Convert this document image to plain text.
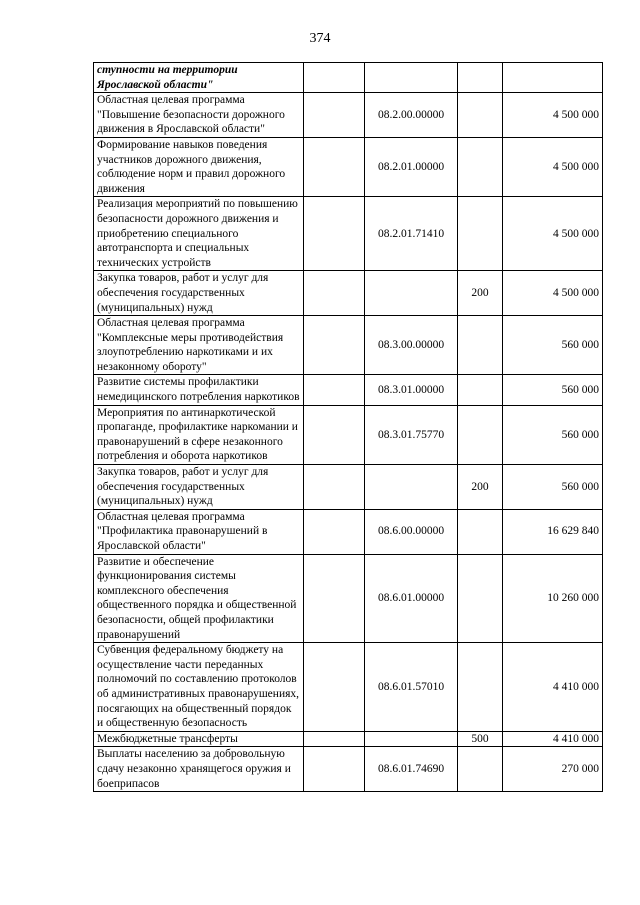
374
ступности на территории Ярославской области"				
Областная целевая программа "Повышение безопасности дорожного движения в Ярославской области"		08.2.00.00000		4 500 000
Формирование навыков поведения участников дорожного движения, соблюдение норм и правил дорожного движения		08.2.01.00000		4 500 000
Реализация мероприятий по повышению безопасности дорожного движения и приобретению специального автотранспорта и специальных технических устройств		08.2.01.71410		4 500 000
Закупка товаров, работ и услуг для обеспечения государственных (муниципальных) нужд			200	4 500 000
Областная целевая программа "Комплексные меры противодействия злоупотреблению наркотиками и их незаконному обороту"		08.3.00.00000		560 000
Развитие системы профилактики немедицинского потребления наркотиков		08.3.01.00000		560 000
Мероприятия по антинаркотической пропаганде, профилактике наркомании и правонарушений в сфере незаконного потребления и оборота наркотиков		08.3.01.75770		560 000
Закупка товаров, работ и услуг для обеспечения государственных (муниципальных) нужд			200	560 000
Областная целевая программа "Профилактика правонарушений в Ярославской области"		08.6.00.00000		16 629 840
Развитие и обеспечение функционирования системы комплексного обеспечения общественного порядка и общественной безопасности, общей профилактики правонарушений		08.6.01.00000		10 260 000
Субвенция федеральному бюджету на осуществление части переданных полномочий по составлению протоколов об административных правонарушениях, посягающих на общественный порядок и общественную безопасность		08.6.01.57010		4 410 000
Межбюджетные трансферты			500	4 410 000
Выплаты населению за добровольную сдачу незаконно хранящегося оружия и боеприпасов		08.6.01.74690		270 000
